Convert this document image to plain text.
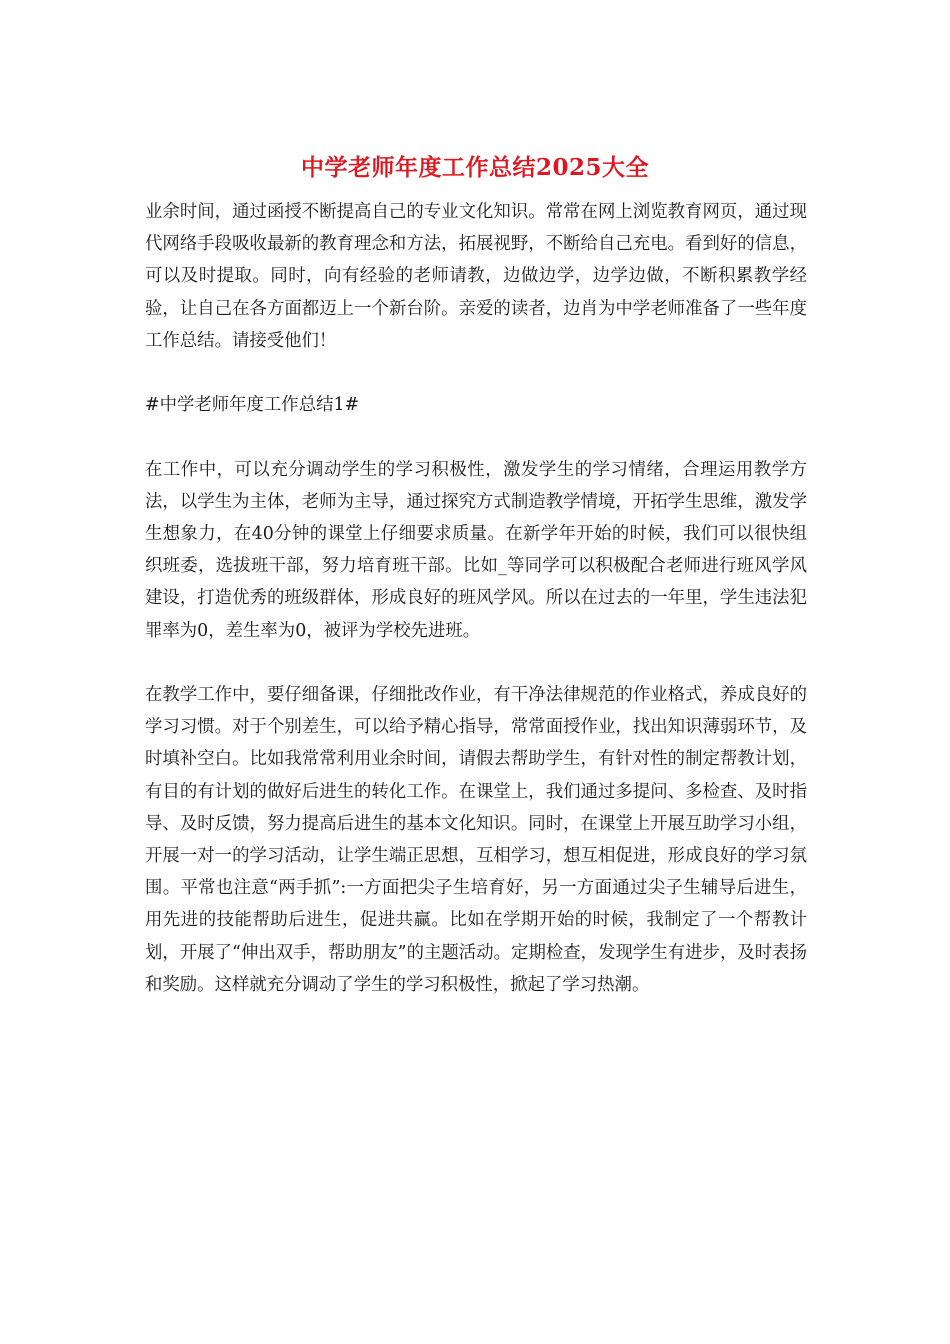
中学老师年度工作总结2025大全

业余时间，通过函授不断提高自己的专业文化知识。常常在网上浏览教育网页，通过现代网络手段吸收最新的教育理念和方法，拓展视野，不断给自己充电。看到好的信息，可以及时提取。同时，向有经验的老师请教，边做边学，边学边做，不断积累教学经验，让自己在各方面都迈上一个新台阶。亲爱的读者，边肖为中学老师准备了一些年度工作总结。请接受他们！

#中学老师年度工作总结1#

在工作中，可以充分调动学生的学习积极性，激发学生的学习情绪，合理运用教学方法，以学生为主体，老师为主导，通过探究方式制造教学情境，开拓学生思维，激发学生想象力，在40分钟的课堂上仔细要求质量。在新学年开始的时候，我们可以很快组织班委，选拔班干部，努力培育班干部。比如_等同学可以积极配合老师进行班风学风建设，打造优秀的班级群体，形成良好的班风学风。所以在过去的一年里，学生违法犯罪率为0，差生率为0，被评为学校先进班。

在教学工作中，要仔细备课，仔细批改作业，有干净法律规范的作业格式，养成良好的学习习惯。对于个别差生，可以给予精心指导，常常面授作业，找出知识薄弱环节，及时填补空白。比如我常常利用业余时间，请假去帮助学生，有针对性的制定帮教计划，有目的有计划的做好后进生的转化工作。在课堂上，我们通过多提问、多检查、及时指导、及时反馈，努力提高后进生的基本文化知识。同时，在课堂上开展互助学习小组，开展一对一的学习活动，让学生端正思想，互相学习，想互相促进，形成良好的学习氛围。平常也注意“两手抓”:一方面把尖子生培育好，另一方面通过尖子生辅导后进生，用先进的技能帮助后进生，促进共赢。比如在学期开始的时候，我制定了一个帮教计划，开展了“伸出双手，帮助朋友”的主题活动。定期检查，发现学生有进步，及时表扬和奖励。这样就充分调动了学生的学习积极性，掀起了学习热潮。
